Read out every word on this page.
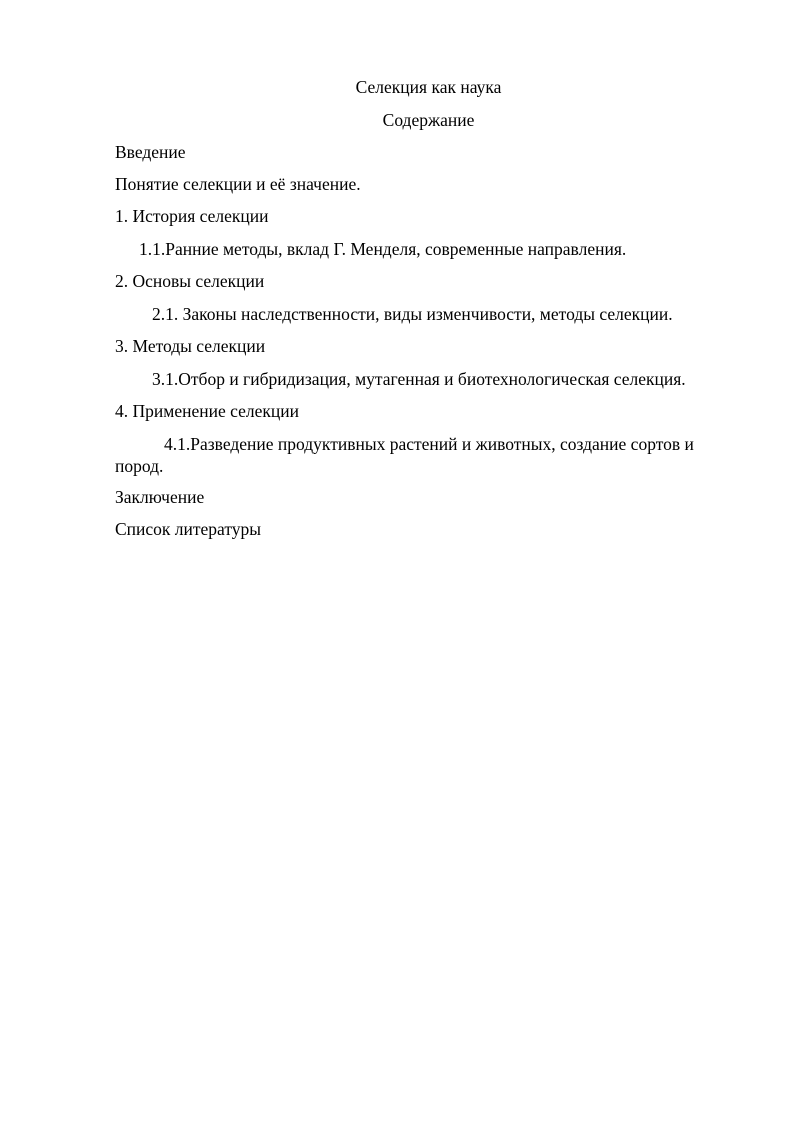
Селекция как наука
Содержание
Введение
Понятие селекции и её значение.
1. История селекции
1.1.Ранние методы, вклад Г. Менделя, современные направления.
2. Основы селекции
2.1. Законы наследственности, виды изменчивости, методы селекции.
3. Методы селекции
3.1.Отбор и гибридизация, мутагенная и биотехнологическая селекция.
4. Применение селекции
4.1.Разведение продуктивных растений и животных, создание сортов и пород.
Заключение
Список литературы
